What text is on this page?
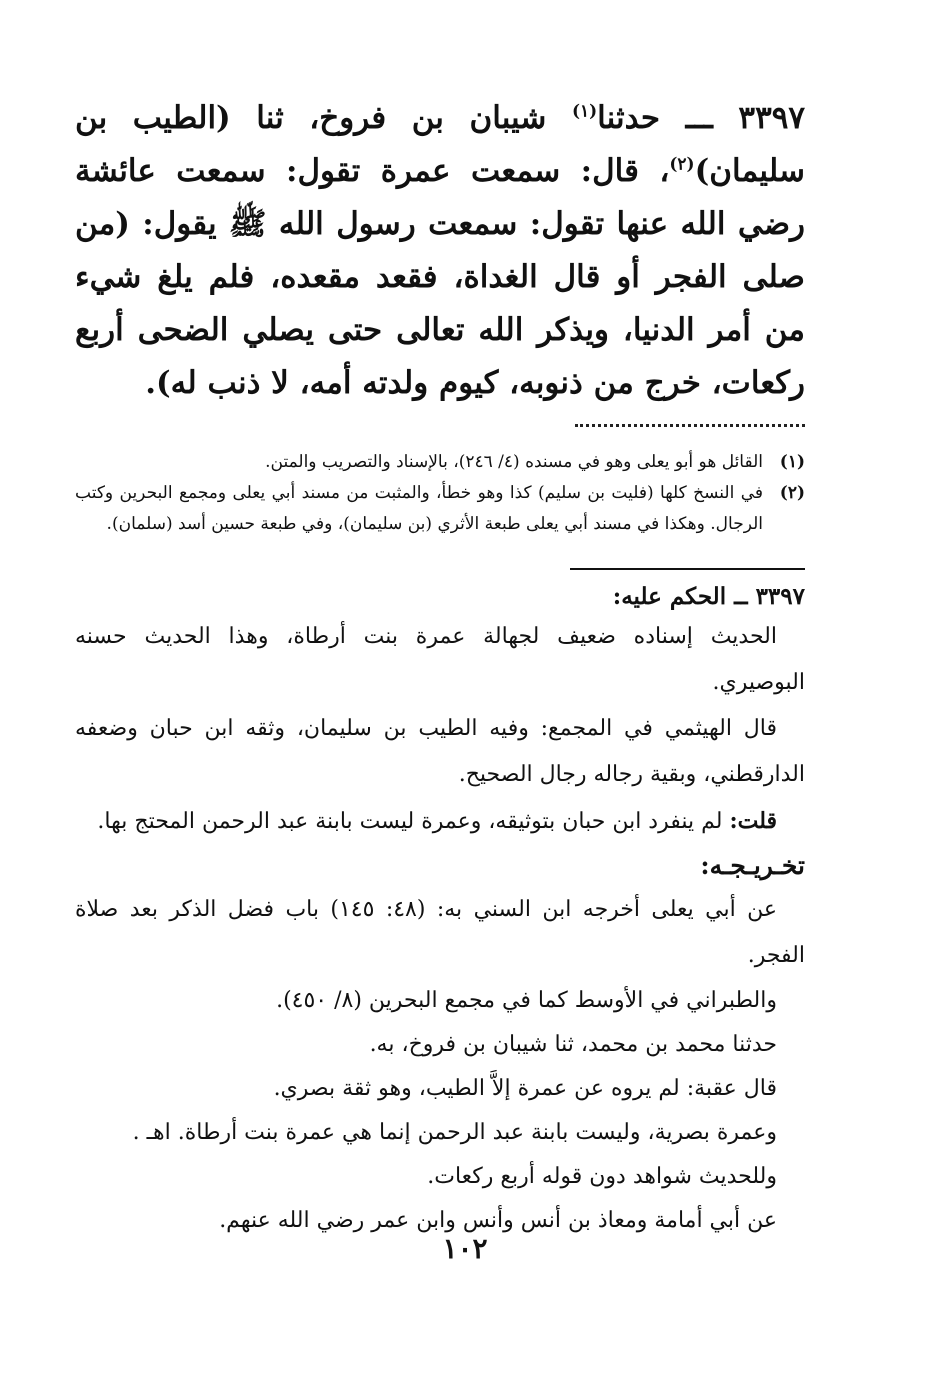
٣٣٩٧ ـــ حدثنا$^{(١)}$ شيبان بن فروخ، ثنا (الطيب بن سليمان)$^{(٢)}$، قال: سمعت عمرة تقول: سمعت عائشة رضي الله عنها تقول: سمعت رسول الله ﷺ يقول: (من صلى الفجر أو قال الغداة، فقعد مقعده، فلم يلغ شيء من أمر الدنيا، ويذكر الله تعالى حتى يصلي الضحى أربع ركعات، خرج من ذنوبه، كيوم ولدته أمه، لا ذنب له).

(١)
القائل هو أبو يعلى وهو في مسنده (٤/ ٢٤٦)، بالإسناد والتصريب والمتن.
(٢)
في النسخ كلها (فليت بن سليم) كذا وهو خطأ، والمثبت من مسند أبي يعلى ومجمع البحرين وكتب الرجال. وهكذا في مسند أبي يعلى طبعة الأثري (بن سليمان)، وفي طبعة حسين أسد (سلمان).
٣٣٩٧ ــ الحكم عليه:

الحديث إسناده ضعيف لجهالة عمرة بنت أرطاة، وهذا الحديث حسنه البوصيري.

قال الهيثمي في المجمع: وفيه الطيب بن سليمان، وثقه ابن حبان وضعفه الدارقطني، وبقية رجاله رجال الصحيح.

قلت: لم ينفرد ابن حبان بتوثيقه، وعمرة ليست بابنة عبد الرحمن المحتج بها.

تخـريـجـه:

عن أبي يعلى أخرجه ابن السني به: (٤٨: ١٤٥) باب فضل الذكر بعد صلاة الفجر.

والطبراني في الأوسط كما في مجمع البحرين (٨/ ٤٥٠).

حدثنا محمد بن محمد، ثنا شيبان بن فروخ، به.

قال عقبة: لم يروه عن عمرة إلاَّ الطيب، وهو ثقة بصري.

وعمرة بصرية، وليست بابنة عبد الرحمن إنما هي عمرة بنت أرطاة. اهـ .

وللحديث شواهد دون قوله أربع ركعات.

عن أبي أمامة ومعاذ بن أنس وأنس وابن عمر رضي الله عنهم.

١٠٢
